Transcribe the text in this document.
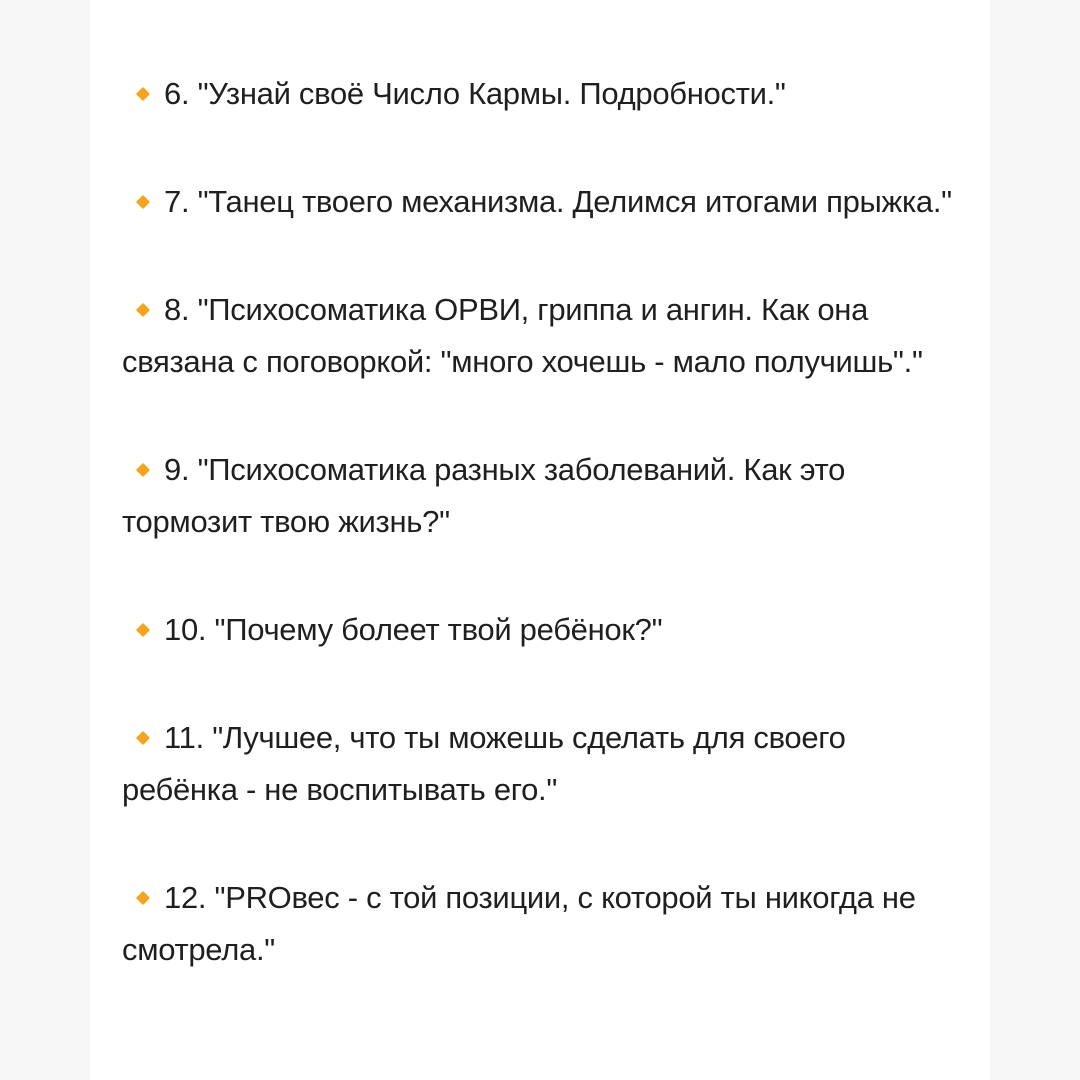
6. "Узнай своё Число Кармы. Подробности."
7. "Танец твоего механизма. Делимся итогами прыжка."
8. "Психосоматика ОРВИ, гриппа и ангин. Как она связана с поговоркой: "много хочешь - мало получишь"."
9. "Психосоматика разных заболеваний. Как это тормозит твою жизнь?"
10. "Почему болеет твой ребёнок?"
11. "Лучшее, что ты можешь сделать для своего ребёнка - не воспитывать его."
12. "PROвес - с той позиции, с которой ты никогда не смотрела."
